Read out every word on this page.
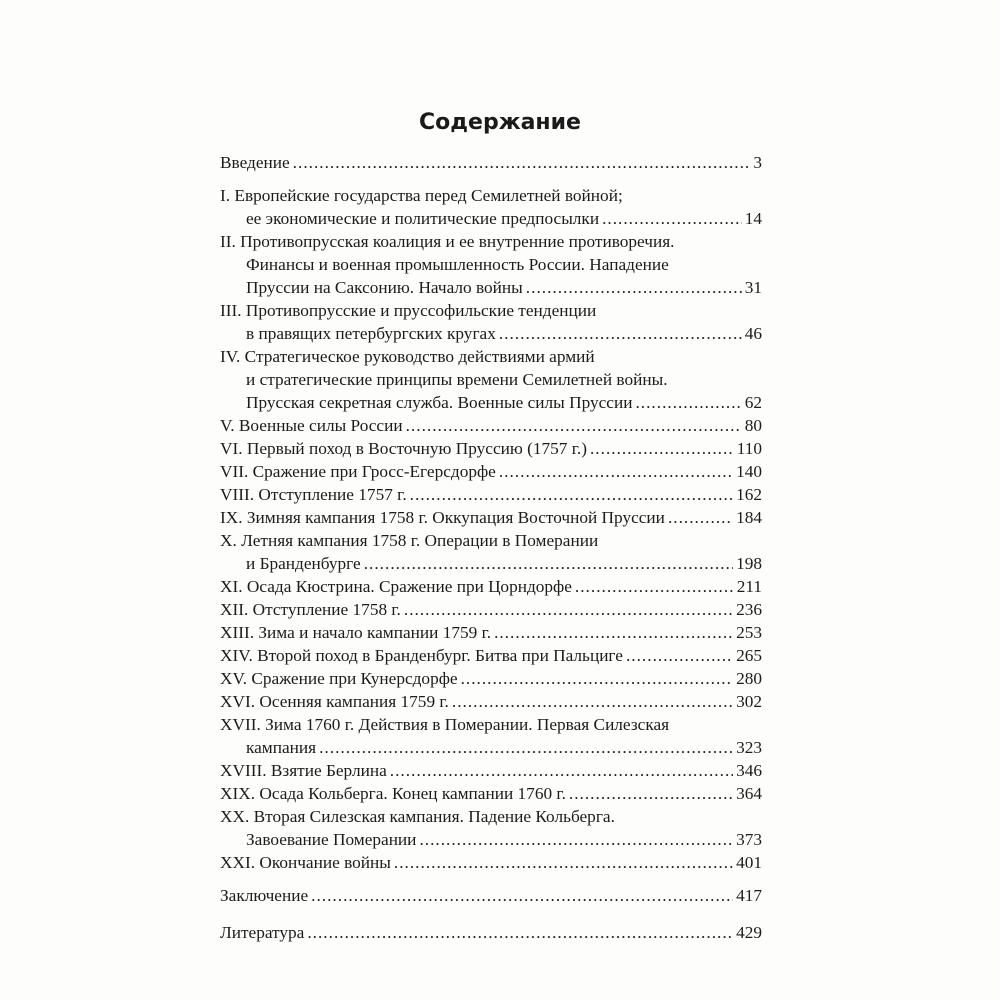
Содержание
Введение .....	3
I. Европейские государства перед Семилетней войной;
ее экономические и политические предпосылки .....	14
II. Противопрусская коалиция и ее внутренние противоречия.
Финансы и военная промышленность России. Нападение
Пруссии на Саксонию. Начало войны .....	31
III. Противопрусские и пруссофильские тенденции
в правящих петербургских кругах .....	46
IV. Стратегическое руководство действиями армий
и стратегические принципы времени Семилетней войны.
Прусская секретная служба. Военные силы Пруссии .....	62
V. Военные силы России .....	80
VI. Первый поход в Восточную Пруссию (1757 г.) .....	110
VII. Сражение при Гросс-Егерсдорфе .....	140
VIII. Отступление 1757 г. .....	162
IX. Зимняя кампания 1758 г. Оккупация Восточной Пруссии .....	184
X. Летняя кампания 1758 г. Операции в Померании
и Бранденбурге .....	198
XI. Осада Кюстрина. Сражение при Цорндорфе .....	211
XII. Отступление 1758 г. .....	236
XIII. Зима и начало кампании 1759 г. .....	253
XIV. Второй поход в Бранденбург. Битва при Пальциге .....	265
XV. Сражение при Кунерсдорфе .....	280
XVI. Осенняя кампания 1759 г. .....	302
XVII. Зима 1760 г. Действия в Померании. Первая Силезская
кампания .....	323
XVIII. Взятие Берлина .....	346
XIX. Осада Кольберга. Конец кампании 1760 г. .....	364
XX. Вторая Силезская кампания. Падение Кольберга.
Завоевание Померании .....	373
XXI. Окончание войны .....	401
Заключение .....	417
Литература .....	429
